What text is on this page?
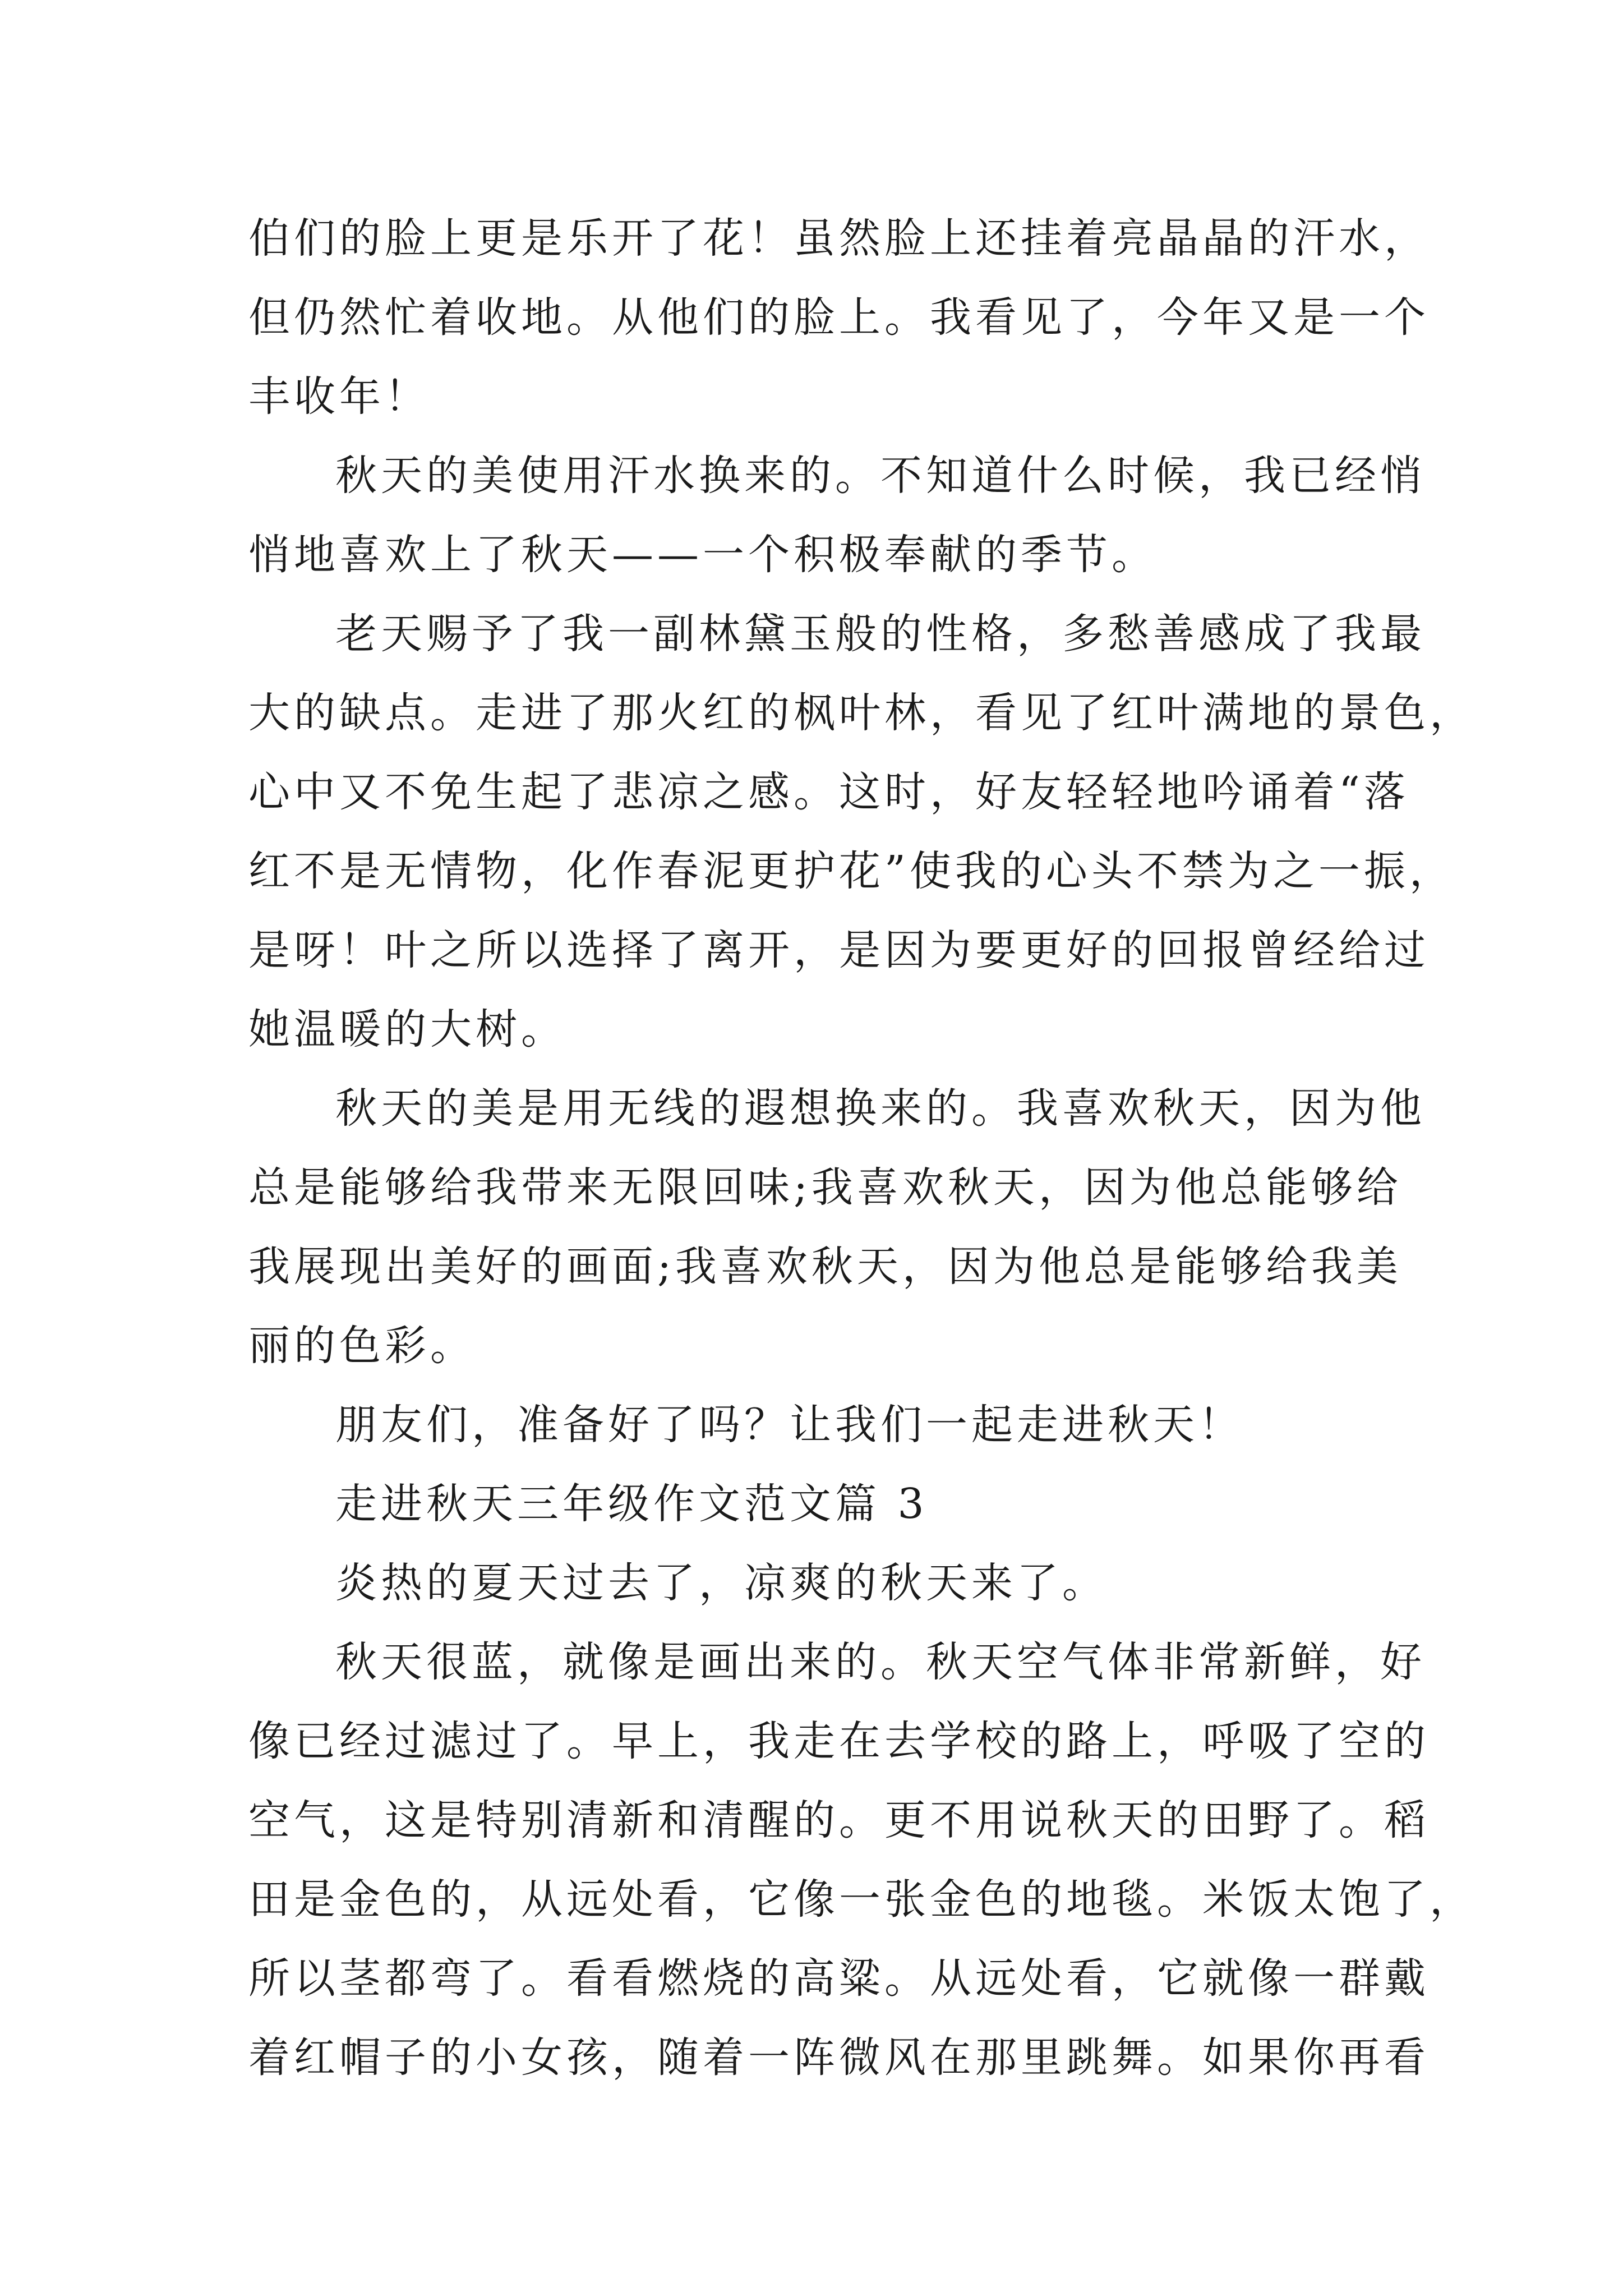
伯们的脸上更是乐开了花！虽然脸上还挂着亮晶晶的汗水，
但仍然忙着收地。从他们的脸上。我看见了，今年又是一个
丰收年！
秋天的美使用汗水换来的。不知道什么时候，我已经悄
悄地喜欢上了秋天——一个积极奉献的季节。
老天赐予了我一副林黛玉般的性格，多愁善感成了我最
大的缺点。走进了那火红的枫叶林，看见了红叶满地的景色，
心中又不免生起了悲凉之感。这时，好友轻轻地吟诵着“落
红不是无情物，化作春泥更护花”使我的心头不禁为之一振，
是呀！叶之所以选择了离开，是因为要更好的回报曾经给过
她温暖的大树。
秋天的美是用无线的遐想换来的。我喜欢秋天，因为他
总是能够给我带来无限回味;我喜欢秋天，因为他总能够给
我展现出美好的画面;我喜欢秋天，因为他总是能够给我美
丽的色彩。
朋友们，准备好了吗？让我们一起走进秋天！
走进秋天三年级作文范文篇 3
炎热的夏天过去了，凉爽的秋天来了。
秋天很蓝，就像是画出来的。秋天空气体非常新鲜，好
像已经过滤过了。早上，我走在去学校的路上，呼吸了空的
空气，这是特别清新和清醒的。更不用说秋天的田野了。稻
田是金色的，从远处看，它像一张金色的地毯。米饭太饱了，
所以茎都弯了。看看燃烧的高粱。从远处看，它就像一群戴
着红帽子的小女孩，随着一阵微风在那里跳舞。如果你再看
